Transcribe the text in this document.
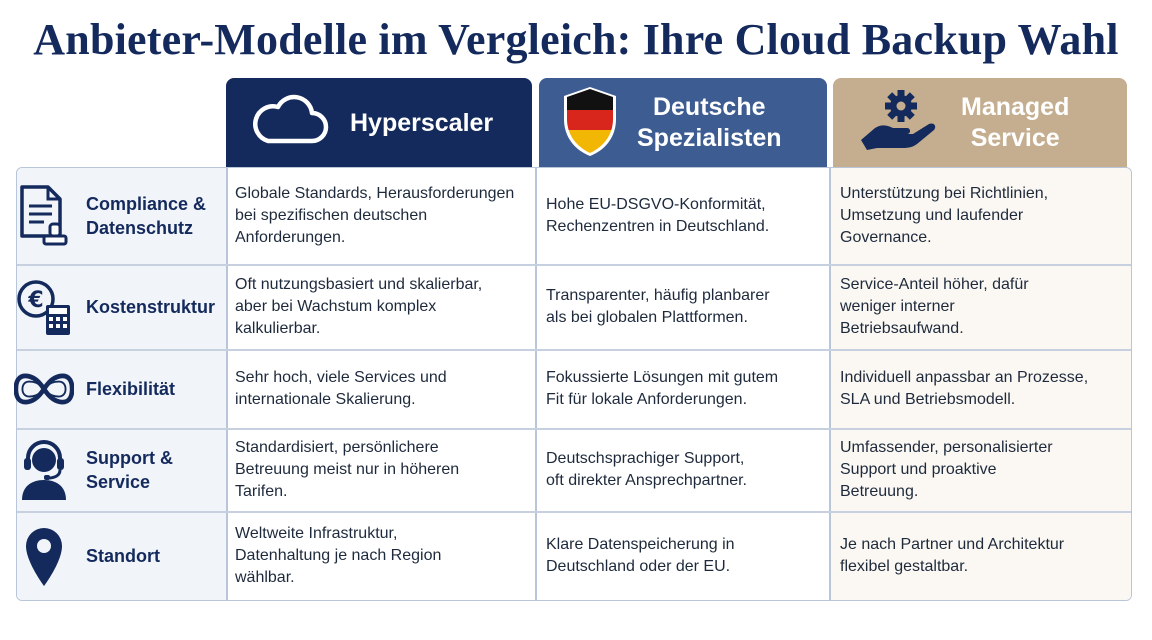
Anbieter-Modelle im Vergleich: Ihre Cloud Backup Wahl
Hyperscaler
Deutsche
Spezialisten
Managed
Service
Compliance &
Datenschutz
Globale Standards, Herausforderungen
bei spezifischen deutschen
Anforderungen.
Hohe EU-DSGVO-Konformität,
Rechenzentren in Deutschland.
Unterstützung bei Richtlinien,
Umsetzung und laufender
Governance.
€ Kostenstruktur
Oft nutzungsbasiert und skalierbar,
aber bei Wachstum komplex
kalkulierbar.
Transparenter, häufig planbarer
als bei globalen Plattformen.
Service-Anteil höher, dafür
weniger interner
Betriebsaufwand.
Flexibilität
Sehr hoch, viele Services und
internationale Skalierung.
Fokussierte Lösungen mit gutem
Fit für lokale Anforderungen.
Individuell anpassbar an Prozesse,
SLA und Betriebsmodell.
Support &
Service
Standardisiert, persönlichere
Betreuung meist nur in höheren
Tarifen.
Deutschsprachiger Support,
oft direkter Ansprechpartner.
Umfassender, personalisierter
Support und proaktive
Betreuung.
Standort
Weltweite Infrastruktur,
Datenhaltung je nach Region
wählbar.
Klare Datenspeicherung in
Deutschland oder der EU.
Je nach Partner und Architektur
flexibel gestaltbar.
